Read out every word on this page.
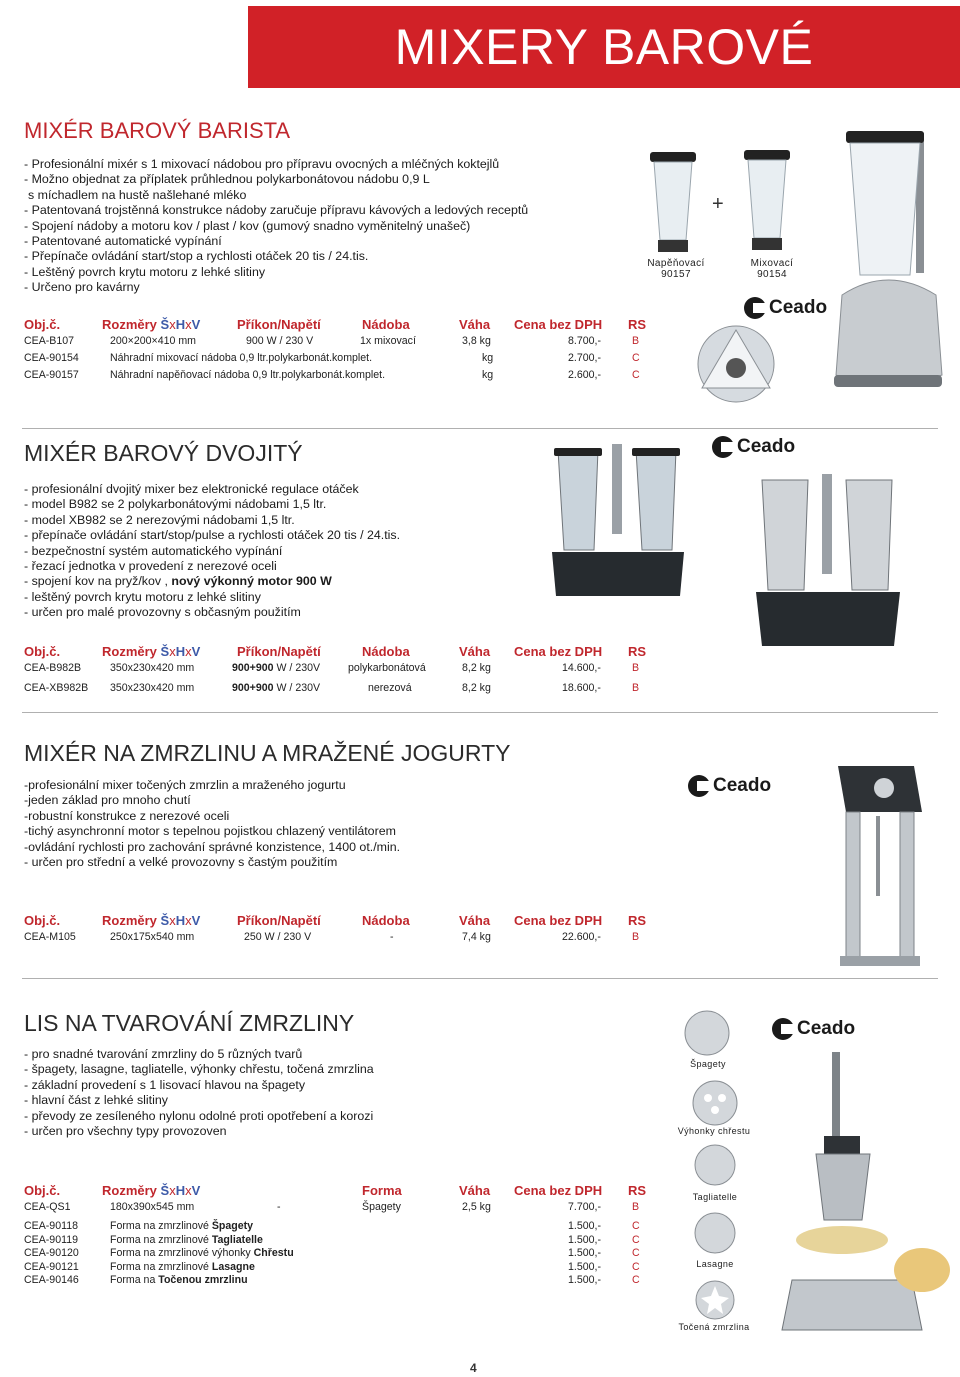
MIXERY BAROVÉ
MIXÉR BAROVÝ BARISTA
- Profesionální mixér s 1 mixovací nádobou pro přípravu ovocných a mléčných koktejlů
- Možno objednat za příplatek průhlednou polykarbonátovou nádobu 0,9 L
s míchadlem na hustě našlehané mléko
- Patentovaná trojstěnná konstrukce nádoby zaručuje přípravu kávových a ledových receptů
- Spojení nádoby a motoru kov / plast / kov (gumový snadno vyměnitelný unašeč)
- Patentované automatické vypínání
- Přepínače ovládání start/stop a rychlosti otáček 20 tis / 24.tis.
- Leštěný povrch krytu motoru z lehké slitiny
- Určeno pro kavárny
Obj.č.	Rozměry ŠxHxV	Příkon/Napětí	Nádoba	Váha Cena bez DPH RS
CEA-B107	200×200×410 mm	900 W / 230 V	1x mixovací	3,8 kg	8.700,-	B
CEA-90154	Náhradní mixovací nádoba 0,9 ltr.polykarbonát.komplet.	kg	2.700,-	C
CEA-90157	Náhradní napěňovací nádoba 0,9 ltr.polykarbonát.komplet.	kg	2.600,-	C
+
Napěňovací
90157
Mixovací
90154
Ceado
MIXÉR BAROVÝ DVOJITÝ
- profesionální dvojitý mixer bez elektronické regulace otáček
- model B982 se 2 polykarbonátovými nádobami 1,5 ltr.
- model XB982 se 2 nerezovými nádobami 1,5 ltr.
- přepínače ovládání start/stop/pulse a rychlosti otáček 20 tis / 24.tis.
- bezpečnostní systém automatického vypínání
- řezací jednotka v provedení z nerezové oceli
- spojení kov na pryž/kov , nový výkonný motor 900 W
- leštěný povrch krytu motoru z lehké slitiny
- určen pro malé provozovny s občasným použitím
Ceado
Obj.č.	Rozměry ŠxHxV	Příkon/Napětí	Nádoba	Váha Cena bez DPH RS
CEA-B982B	350x230x420 mm	900+900 W / 230V	polykarbonátová	8,2 kg	14.600,-	B
CEA-XB982B 350x230x420 mm	900+900 W / 230V	nerezová	8,2 kg	18.600,-	B
MIXÉR NA ZMRZLINU A MRAŽENÉ JOGURTY
-profesionální mixer točených zmrzlin a mraženého jogurtu
-jeden základ pro mnoho chutí
-robustní konstrukce z nerezové oceli
-tichý asynchronní motor s tepelnou pojistkou chlazený ventilátorem
-ovládání rychlosti pro zachování správné konzistence, 1400 ot./min.
- určen pro střední a velké provozovny s častým použitím
Ceado
Obj.č.	Rozměry ŠxHxV	Příkon/Napětí	Nádoba	Váha Cena bez DPH RS
CEA-M105	250x175x540 mm	250 W / 230 V	-	7,4 kg	22.600,-	B
LIS NA TVAROVÁNÍ ZMRZLINY
- pro snadné tvarování zmrzliny do 5 různých tvarů
- špagety, lasagne, tagliatelle, výhonky chřestu, točená zmrzlina
- základní provedení s 1 lisovací hlavou na špagety
- hlavní část z lehké slitiny
- převody ze zesíleného nylonu odolné proti opotřebení a korozi
- určen pro všechny typy provozoven
Obj.č.	Rozměry ŠxHxV	Forma	Váha Cena bez DPH RS
CEA-QS1	180x390x545 mm	-	Špagety	2,5 kg	7.700,-	B
CEA-90118	Forma na zmrzlinové Špagety	1.500,-	C
CEA-90119	Forma na zmrzlinové Tagliatelle	1.500,-	C
CEA-90120	Forma na zmrzlinové výhonky Chřestu	1.500,-	C
CEA-90121	Forma na zmrzlinové Lasagne	1.500,-	C
CEA-90146	Forma na Točenou zmrzlinu	1.500,-	C
Špagety
Výhonky chřestu
Tagliatelle
Lasagne
Točená zmrzlina
Ceado
4
